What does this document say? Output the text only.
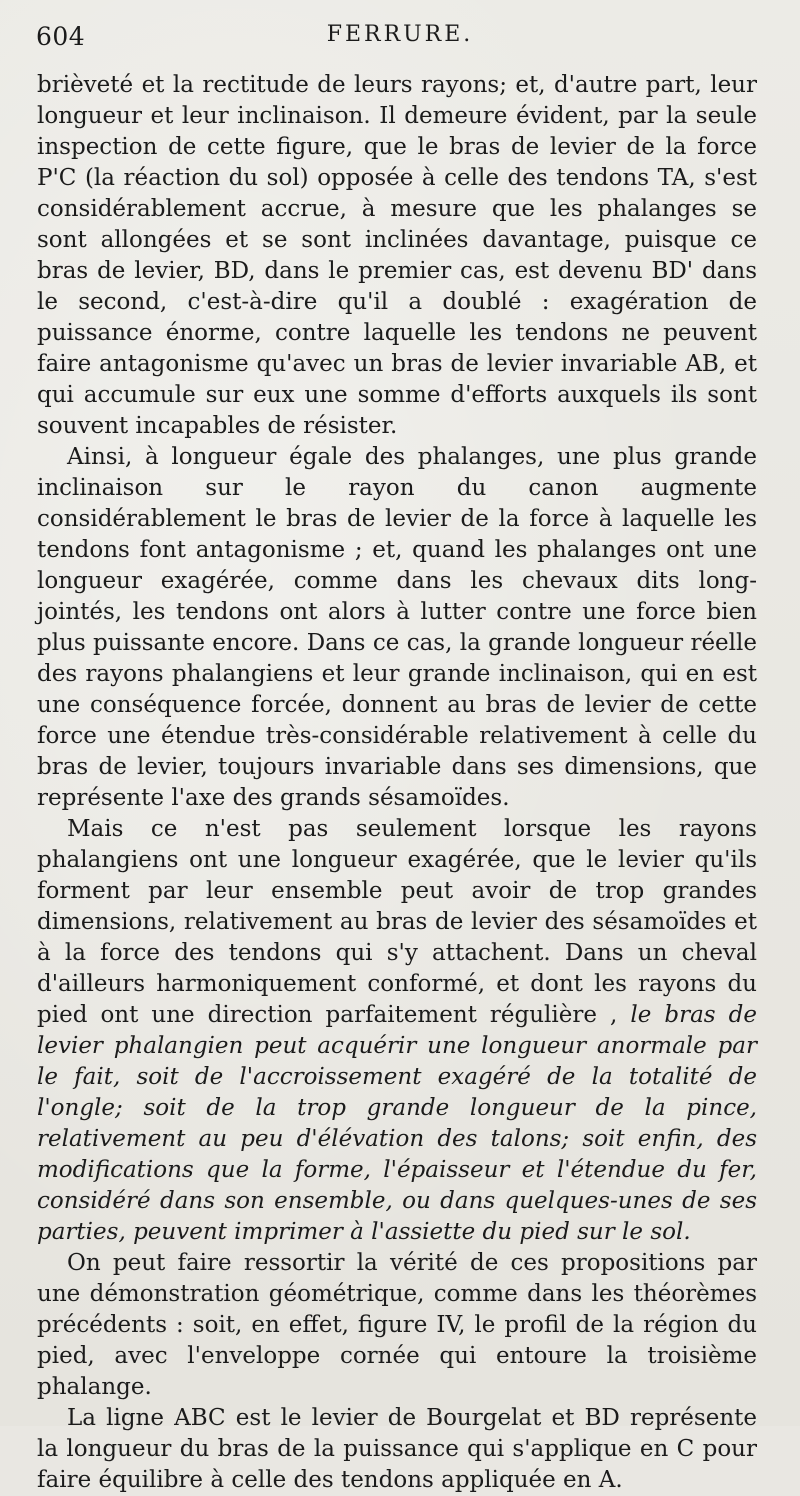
604	FERRURE.

brièveté et la rectitude de leurs rayons; et, d'autre part, leur longueur et leur inclinaison. Il demeure évident, par la seule inspection de cette figure, que le bras de levier de la force P'C (la réaction du sol) opposée à celle des tendons TA, s'est considérablement accrue, à mesure que les phalanges se sont allongées et se sont inclinées davantage, puisque ce bras de levier, BD, dans le premier cas, est devenu BD' dans le second, c'est-à-dire qu'il a doublé : exagération de puissance énorme, contre laquelle les tendons ne peuvent faire antagonisme qu'avec un bras de levier invariable AB, et qui accumule sur eux une somme d'efforts auxquels ils sont souvent incapables de résister.

Ainsi, à longueur égale des phalanges, une plus grande inclinaison sur le rayon du canon augmente considérablement le bras de levier de la force à laquelle les tendons font antagonisme ; et, quand les phalanges ont une longueur exagérée, comme dans les chevaux dits long-jointés, les tendons ont alors à lutter contre une force bien plus puissante encore. Dans ce cas, la grande longueur réelle des rayons phalangiens et leur grande inclinaison, qui en est une conséquence forcée, donnent au bras de levier de cette force une étendue très-considérable relativement à celle du bras de levier, toujours invariable dans ses dimensions, que représente l'axe des grands sésamoïdes.

Mais ce n'est pas seulement lorsque les rayons phalangiens ont une longueur exagérée, que le levier qu'ils forment par leur ensemble peut avoir de trop grandes dimensions, relativement au bras de levier des sésamoïdes et à la force des tendons qui s'y attachent. Dans un cheval d'ailleurs harmoniquement conformé, et dont les rayons du pied ont une direction parfaitement régulière , le bras de levier phalangien peut acquérir une longueur anormale par le fait, soit de l'accroissement exagéré de la totalité de l'ongle; soit de la trop grande longueur de la pince, relativement au peu d'élévation des talons; soit enfin, des modifications que la forme, l'épaisseur et l'étendue du fer, considéré dans son ensemble, ou dans quelques-unes de ses parties, peuvent imprimer à l'assiette du pied sur le sol.

On peut faire ressortir la vérité de ces propositions par une démonstration géométrique, comme dans les théorèmes précédents : soit, en effet, figure IV, le profil de la région du pied, avec l'enveloppe cornée qui entoure la troisième phalange.

La ligne ABC est le levier de Bourgelat et BD représente la longueur du bras de la puissance qui s'applique en C pour faire équilibre à celle des tendons appliquée en A.
